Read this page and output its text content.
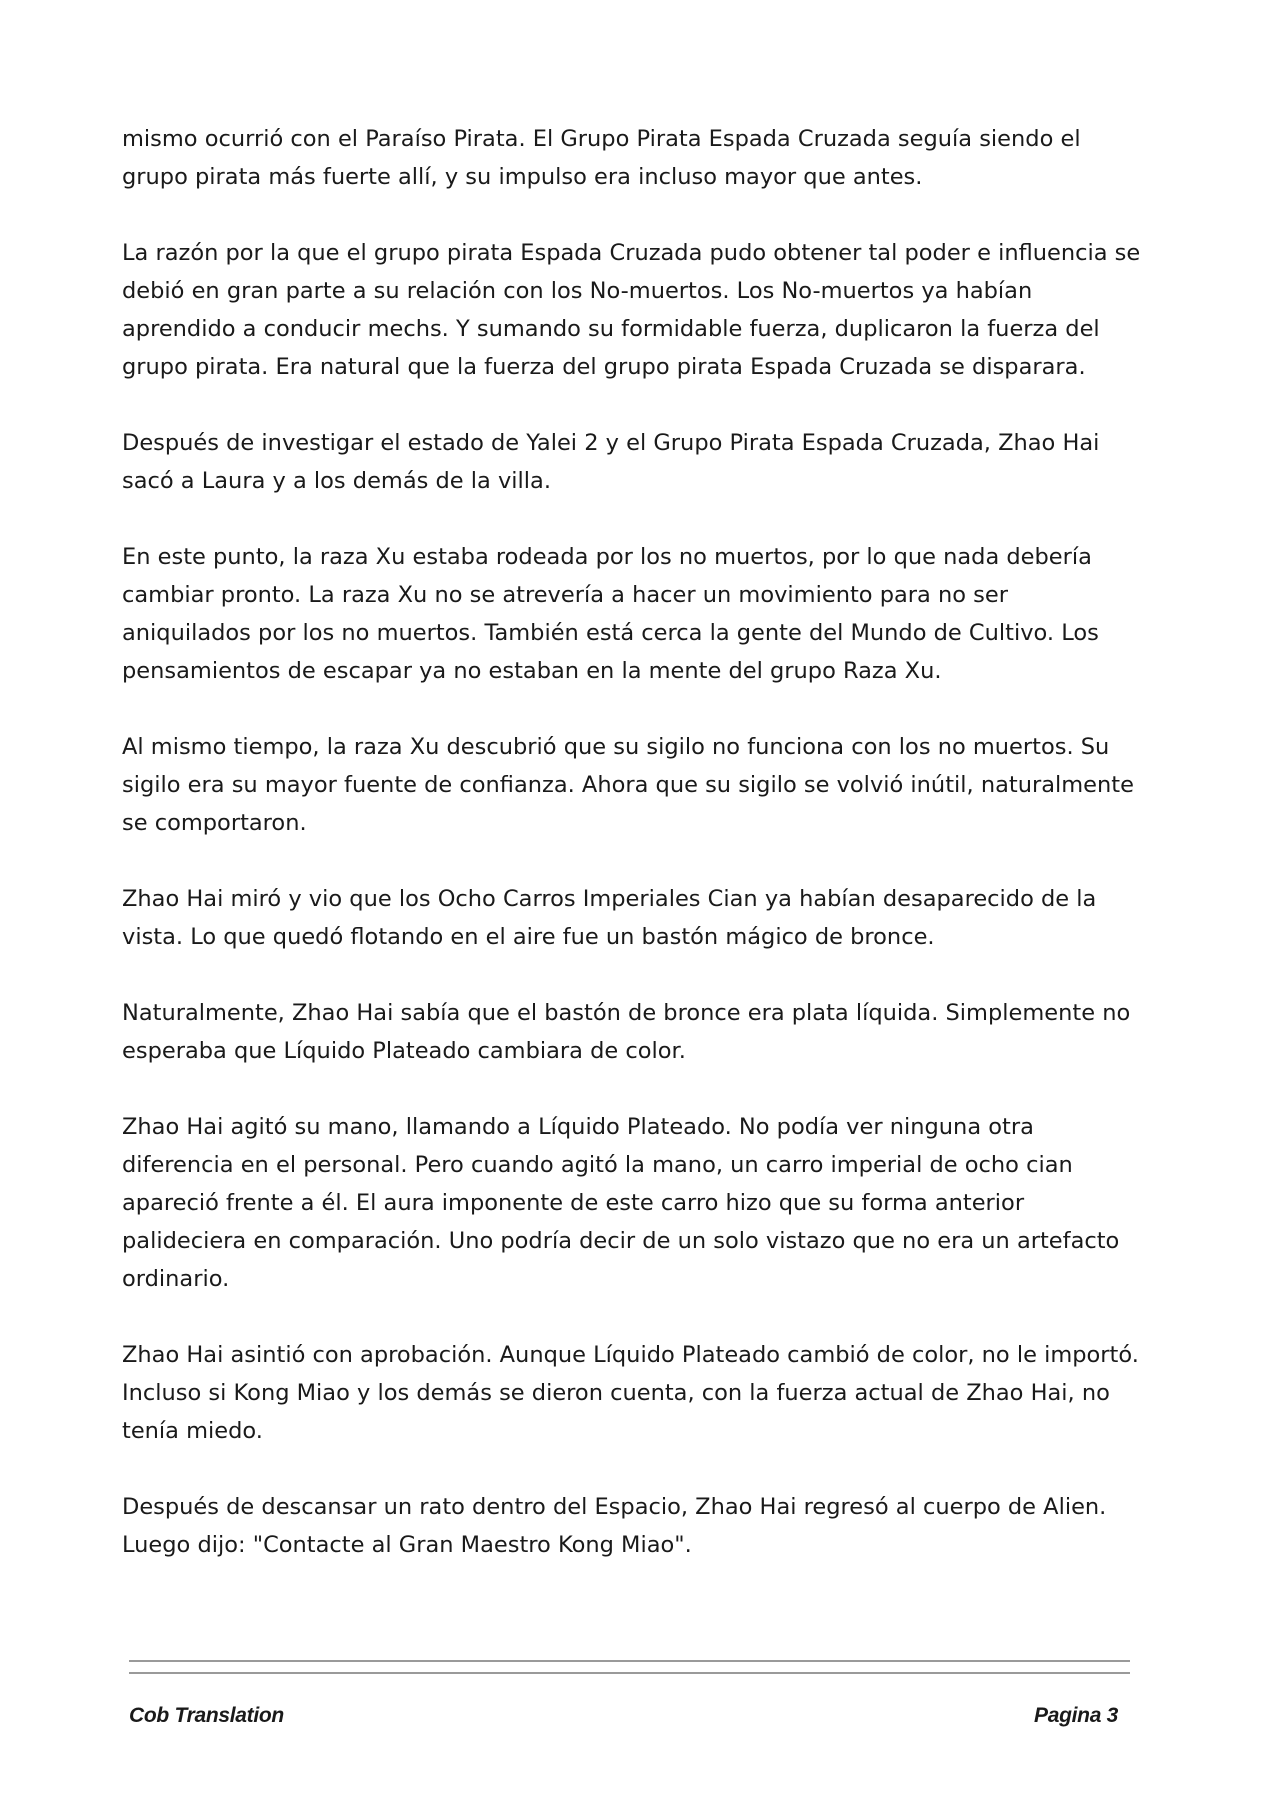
mismo ocurrió con el Paraíso Pirata. El Grupo Pirata Espada Cruzada seguía siendo el grupo pirata más fuerte allí, y su impulso era incluso mayor que antes.

La razón por la que el grupo pirata Espada Cruzada pudo obtener tal poder e influencia se debió en gran parte a su relación con los No-muertos. Los No-muertos ya habían aprendido a conducir mechs. Y sumando su formidable fuerza, duplicaron la fuerza del grupo pirata. Era natural que la fuerza del grupo pirata Espada Cruzada se disparara.

Después de investigar el estado de Yalei 2 y el Grupo Pirata Espada Cruzada, Zhao Hai sacó a Laura y a los demás de la villa.

En este punto, la raza Xu estaba rodeada por los no muertos, por lo que nada debería cambiar pronto. La raza Xu no se atrevería a hacer un movimiento para no ser aniquilados por los no muertos. También está cerca la gente del Mundo de Cultivo. Los pensamientos de escapar ya no estaban en la mente del grupo Raza Xu.

Al mismo tiempo, la raza Xu descubrió que su sigilo no funciona con los no muertos. Su sigilo era su mayor fuente de confianza. Ahora que su sigilo se volvió inútil, naturalmente se comportaron.

Zhao Hai miró y vio que los Ocho Carros Imperiales Cian ya habían desaparecido de la vista. Lo que quedó flotando en el aire fue un bastón mágico de bronce.

Naturalmente, Zhao Hai sabía que el bastón de bronce era plata líquida. Simplemente no esperaba que Líquido Plateado cambiara de color.

Zhao Hai agitó su mano, llamando a Líquido Plateado. No podía ver ninguna otra diferencia en el personal. Pero cuando agitó la mano, un carro imperial de ocho cian apareció frente a él. El aura imponente de este carro hizo que su forma anterior palideciera en comparación. Uno podría decir de un solo vistazo que no era un artefacto ordinario.

Zhao Hai asintió con aprobación. Aunque Líquido Plateado cambió de color, no le importó. Incluso si Kong Miao y los demás se dieron cuenta, con la fuerza actual de Zhao Hai, no tenía miedo.

Después de descansar un rato dentro del Espacio, Zhao Hai regresó al cuerpo de Alien. Luego dijo: "Contacte al Gran Maestro Kong Miao".

Cob Translation	Pagina 3
